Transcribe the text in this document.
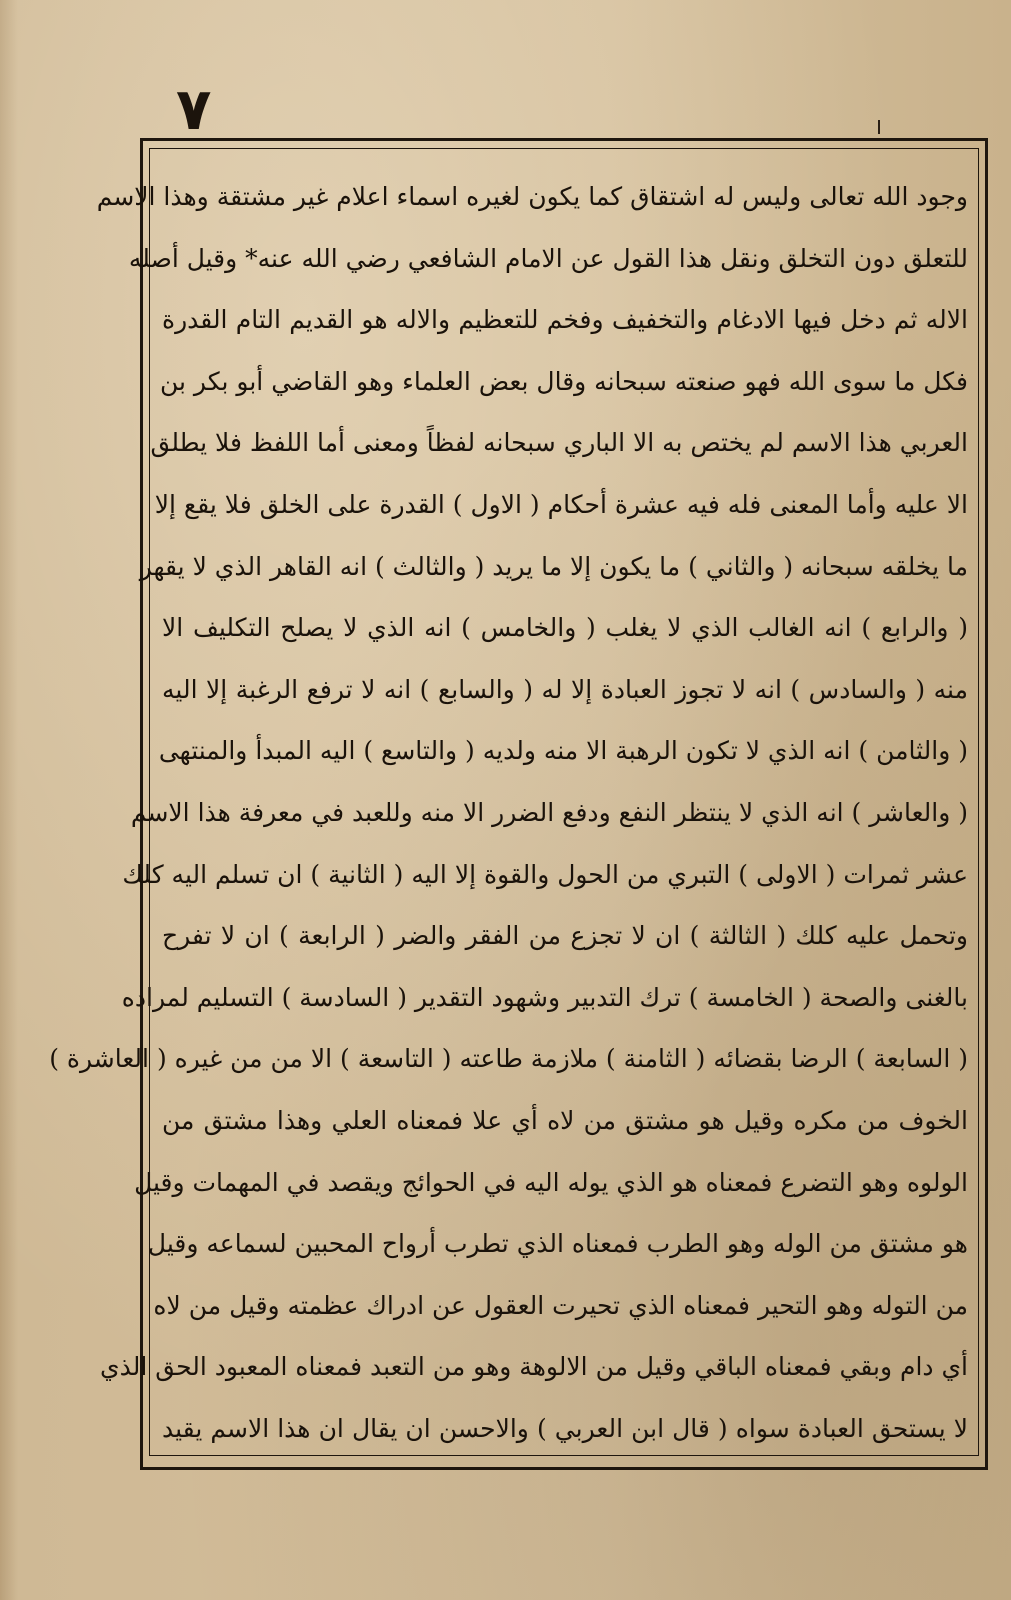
٧
وجود الله تعالى وليس له اشتقاق كما يكون لغيره اسماء اعلام غير مشتقة وهذا الاسم
للتعلق دون التخلق ونقل هذا القول عن الامام الشافعي رضي الله عنه* وقيل أصله
الاله ثم دخل فيها الادغام والتخفيف وفخم للتعظيم والاله هو القديم التام القدرة
فكل ما سوى الله فهو صنعته سبحانه وقال بعض العلماء وهو القاضي أبو بكر بن
العربي هذا الاسم لم يختص به الا الباري سبحانه لفظاً ومعنى أما اللفظ فلا يطلق
الا عليه وأما المعنى فله فيه عشرة أحكام ( الاول ) القدرة على الخلق فلا يقع إلا
ما يخلقه سبحانه ( والثاني ) ما يكون إلا ما يريد ( والثالث ) انه القاهر الذي لا يقهر
( والرابع ) انه الغالب الذي لا يغلب ( والخامس ) انه الذي لا يصلح التكليف الا
منه ( والسادس ) انه لا تجوز العبادة إلا له ( والسابع ) انه لا ترفع الرغبة إلا اليه
( والثامن ) انه الذي لا تكون الرهبة الا منه ولديه ( والتاسع ) اليه المبدأ والمنتهى
( والعاشر ) انه الذي لا ينتظر النفع ودفع الضرر الا منه وللعبد في معرفة هذا الاسم
عشر ثمرات ( الاولى ) التبري من الحول والقوة إلا اليه ( الثانية ) ان تسلم اليه كلك
وتحمل عليه كلك ( الثالثة ) ان لا تجزع من الفقر والضر ( الرابعة ) ان لا تفرح
بالغنى والصحة ( الخامسة ) ترك التدبير وشهود التقدير ( السادسة ) التسليم لمراده
( السابعة ) الرضا بقضائه ( الثامنة ) ملازمة طاعته ( التاسعة ) الا من من غيره ( العاشرة )
الخوف من مكره وقيل هو مشتق من لاه أي علا فمعناه العلي وهذا مشتق من
الولوه وهو التضرع فمعناه هو الذي يوله اليه في الحوائج ويقصد في المهمات وقيل
هو مشتق من الوله وهو الطرب فمعناه الذي تطرب أرواح المحبين لسماعه وقيل
من التوله وهو التحير فمعناه الذي تحيرت العقول عن ادراك عظمته وقيل من لاه
أي دام وبقي فمعناه الباقي وقيل من الالوهة وهو من التعبد فمعناه المعبود الحق الذي
لا يستحق العبادة سواه ( قال ابن العربي ) والاحسن ان يقال ان هذا الاسم يقيد
